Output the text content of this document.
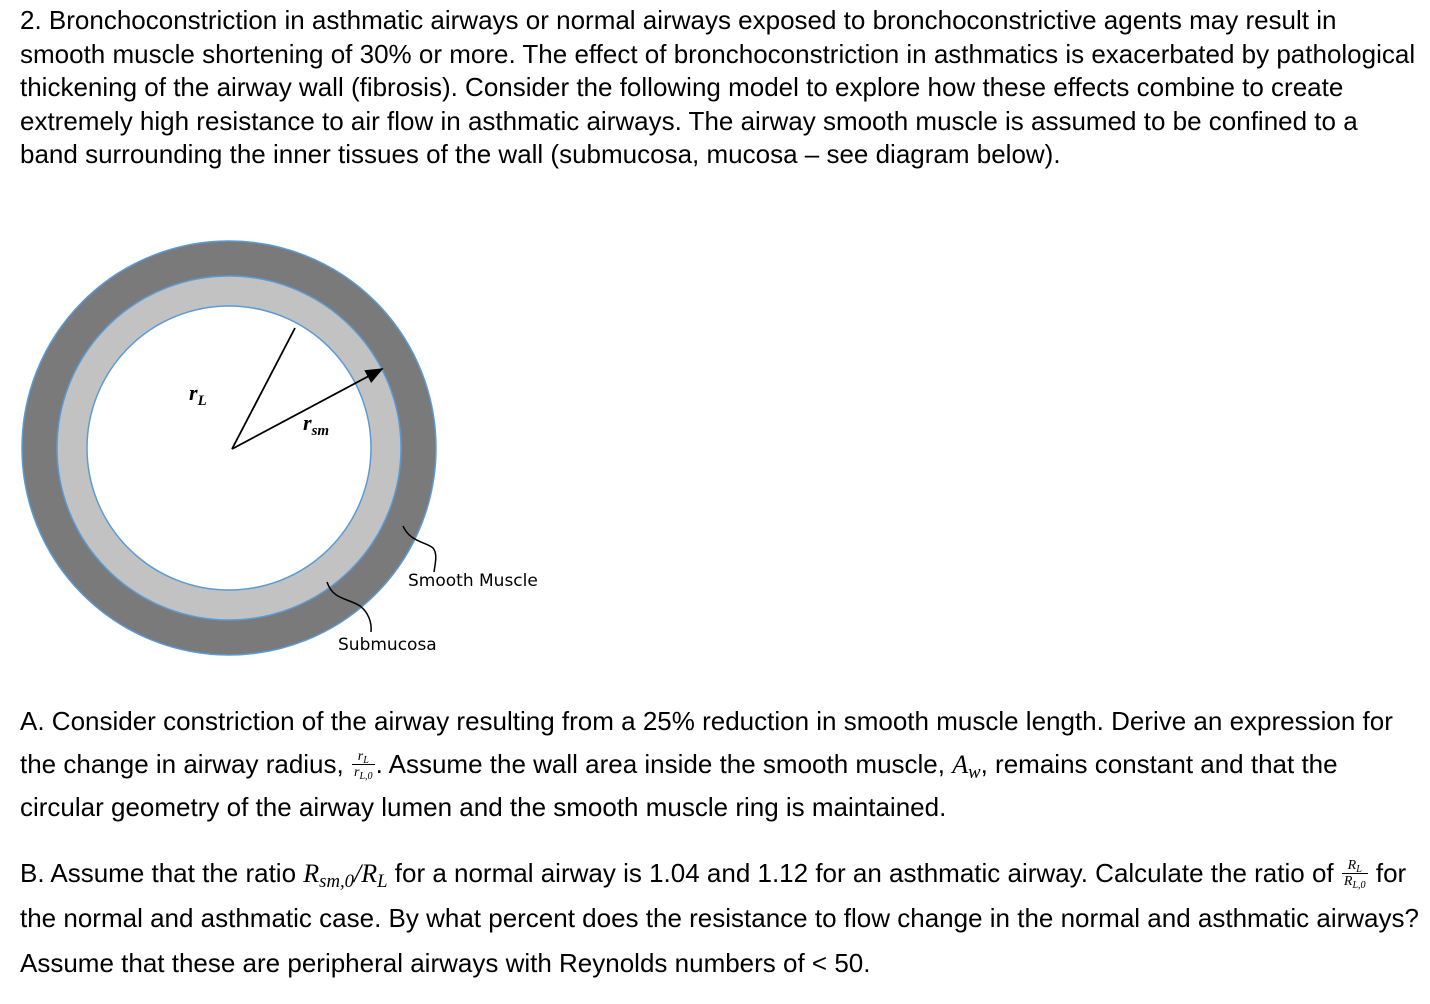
2. Bronchoconstriction in asthmatic airways or normal airways exposed to bronchoconstrictive agents may result in smooth muscle shortening of 30% or more. The effect of bronchoconstriction in asthmatics is exacerbated by pathological thickening of the airway wall (fibrosis). Consider the following model to explore how these effects combine to create extremely high resistance to air flow in asthmatic airways. The airway smooth muscle is assumed to be confined to a band surrounding the inner tissues of the wall (submucosa, mucosa – see diagram below).
$r_L$
$r_{sm}$
Smooth Muscle
Submucosa
A. Consider constriction of the airway resulting from a 25% reduction in smooth muscle length. Derive an expression for the change in airway radius, $\frac{r_L}{r_{L,0}}$ . Assume the wall area inside the smooth muscle, $A_w$, remains constant and that the circular geometry of the airway lumen and the smooth muscle ring is maintained.
B. Assume that the ratio $R_{sm,0}/R_L$ for a normal airway is 1.04 and 1.12 for an asthmatic airway. Calculate the ratio of $\frac{R_L}{R_{L,0}}$ for the normal and asthmatic case. By what percent does the resistance to flow change in the normal and asthmatic airways? Assume that these are peripheral airways with Reynolds numbers of < 50.
